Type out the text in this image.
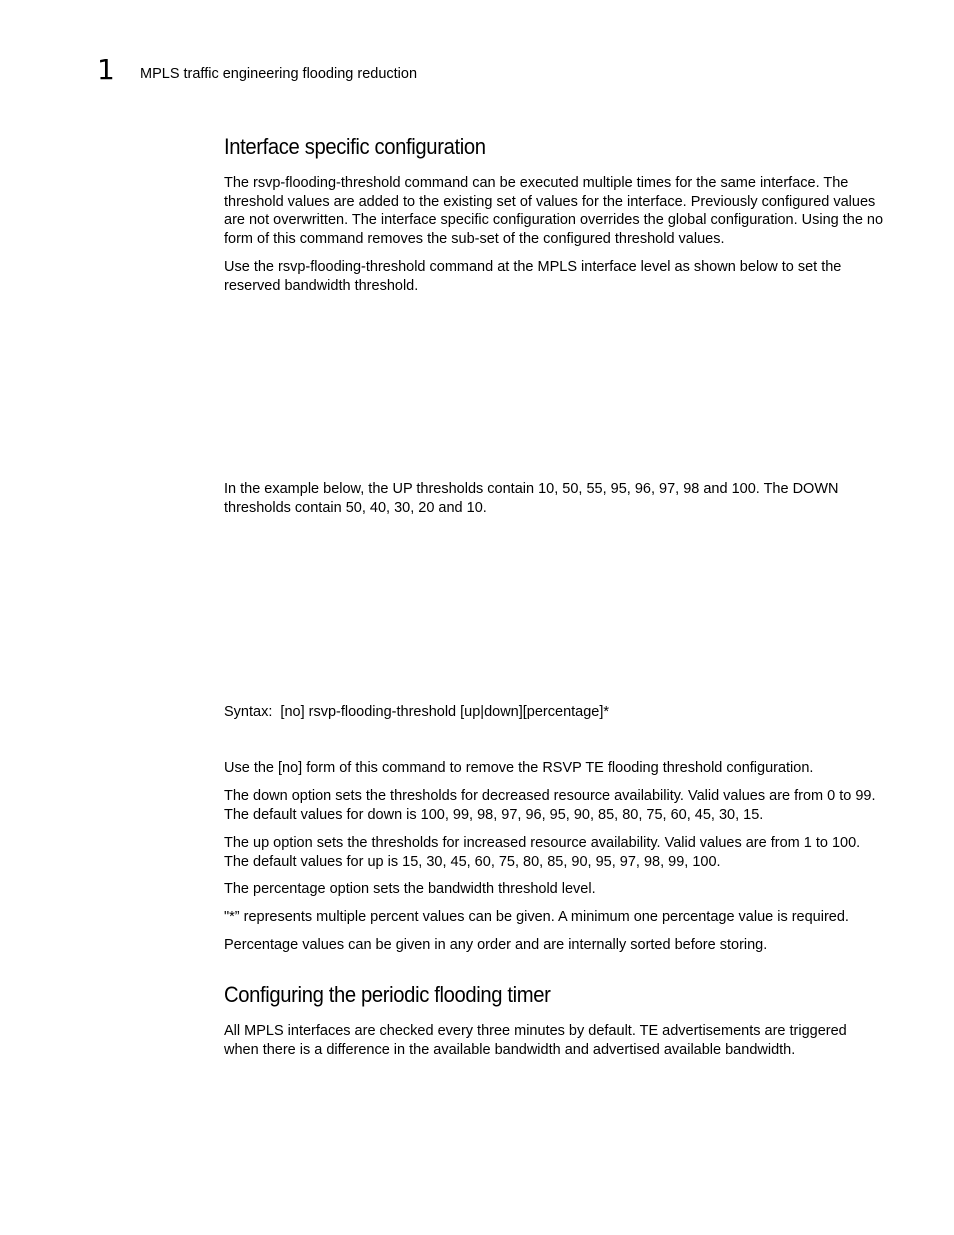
1 MPLS traffic engineering flooding reduction
Interface specific configuration

The rsvp-flooding-threshold command can be executed multiple times for the same interface. The threshold values are added to the existing set of values for the interface. Previously configured values are not overwritten. The interface specific configuration overrides the global configuration. Using the no form of this command removes the sub-set of the configured threshold values.

Use the rsvp-flooding-threshold command at the MPLS interface level as shown below to set the reserved bandwidth threshold.

In the example below, the UP thresholds contain 10, 50, 55, 95, 96, 97, 98 and 100. The DOWN thresholds contain 50, 40, 30, 20 and 10.

Syntax:  [no] rsvp-flooding-threshold [up|down][percentage]*

Use the [no] form of this command to remove the RSVP TE flooding threshold configuration.

The down option sets the thresholds for decreased resource availability. Valid values are from 0 to 99. The default values for down is 100, 99, 98, 97, 96, 95, 90, 85, 80, 75, 60, 45, 30, 15.

The up option sets the thresholds for increased resource availability. Valid values are from 1 to 100. The default values for up is 15, 30, 45, 60, 75, 80, 85, 90, 95, 97, 98, 99, 100.

The percentage option sets the bandwidth threshold level.

"*” represents multiple percent values can be given. A minimum one percentage value is required.

Percentage values can be given in any order and are internally sorted before storing.

Configuring the periodic flooding timer

All MPLS interfaces are checked every three minutes by default. TE advertisements are triggered when there is a difference in the available bandwidth and advertised available bandwidth.
